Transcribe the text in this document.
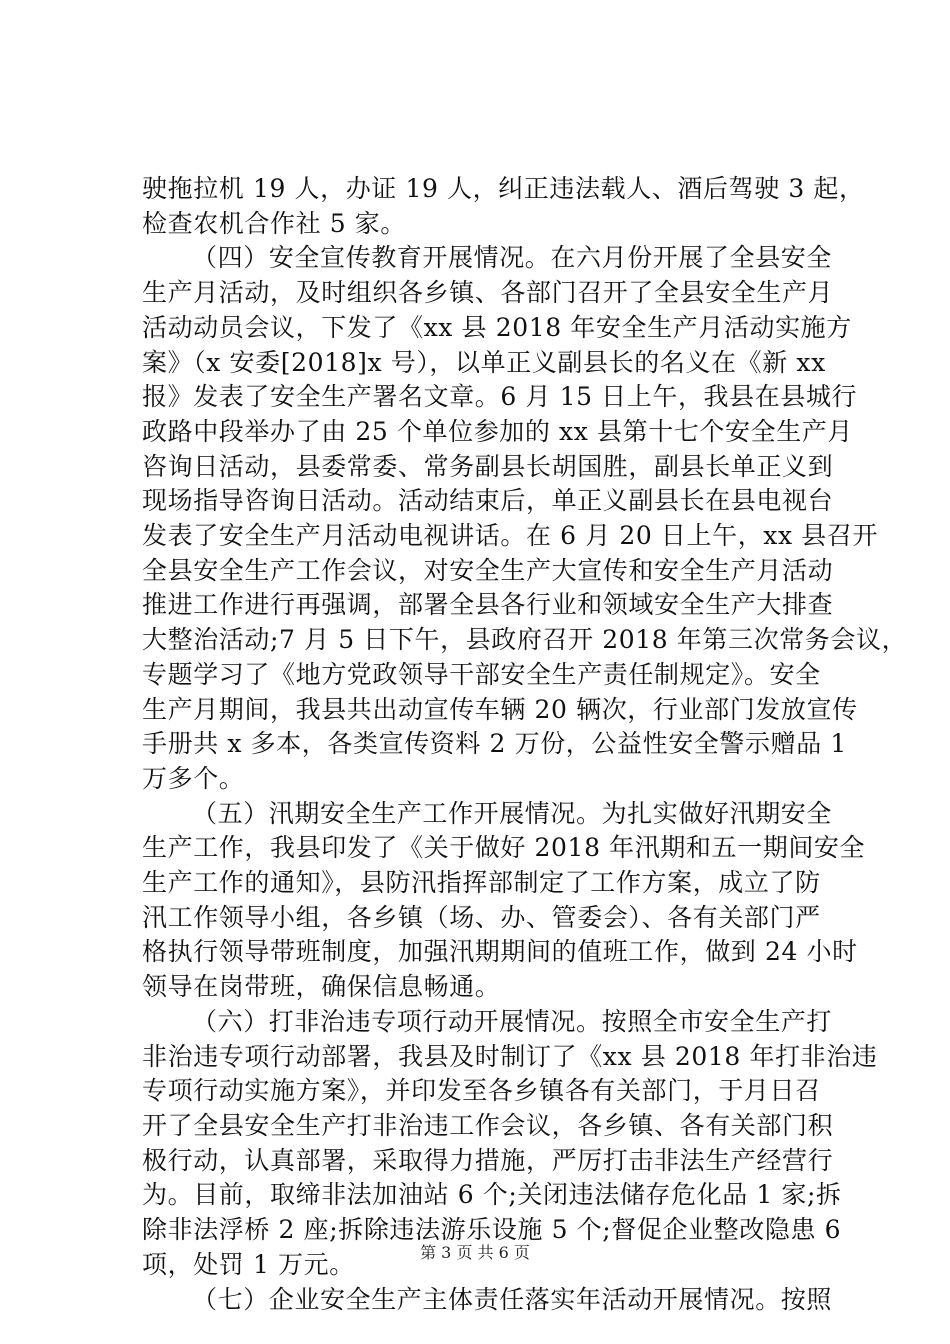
驶拖拉机 19 人，办证 19 人，纠正违法载人、酒后驾驶 3 起，
检查农机合作社 5 家。
（四）安全宣传教育开展情况。在六月份开展了全县安全
生产月活动，及时组织各乡镇、各部门召开了全县安全生产月
活动动员会议，下发了《xx 县 2018 年安全生产月活动实施方
案》（x 安委[2018]x 号），以单正义副县长的名义在《新 xx
报》发表了安全生产署名文章。6 月 15 日上午，我县在县城行
政路中段举办了由 25 个单位参加的 xx 县第十七个安全生产月
咨询日活动，县委常委、常务副县长胡国胜，副县长单正义到
现场指导咨询日活动。活动结束后，单正义副县长在县电视台
发表了安全生产月活动电视讲话。在 6 月 20 日上午，xx 县召开
全县安全生产工作会议，对安全生产大宣传和安全生产月活动
推进工作进行再强调，部署全县各行业和领域安全生产大排查
大整治活动;7 月 5 日下午，县政府召开 2018 年第三次常务会议，
专题学习了《地方党政领导干部安全生产责任制规定》。安全
生产月期间，我县共出动宣传车辆 20 辆次，行业部门发放宣传
手册共 x 多本，各类宣传资料 2 万份，公益性安全警示赠品 1
万多个。
（五）汛期安全生产工作开展情况。为扎实做好汛期安全
生产工作，我县印发了《关于做好 2018 年汛期和五一期间安全
生产工作的通知》，县防汛指挥部制定了工作方案，成立了防
汛工作领导小组，各乡镇（场、办、管委会）、各有关部门严
格执行领导带班制度，加强汛期期间的值班工作，做到 24 小时
领导在岗带班，确保信息畅通。
（六）打非治违专项行动开展情况。按照全市安全生产打
非治违专项行动部署，我县及时制订了《xx 县 2018 年打非治违
专项行动实施方案》，并印发至各乡镇各有关部门，于月日召
开了全县安全生产打非治违工作会议，各乡镇、各有关部门积
极行动，认真部署，采取得力措施，严厉打击非法生产经营行
为。目前，取缔非法加油站 6 个;关闭违法储存危化品 1 家;拆
除非法浮桥 2 座;拆除违法游乐设施 5 个;督促企业整改隐患 6
项，处罚 1 万元。
（七）企业安全生产主体责任落实年活动开展情况。按照
第 3 页 共 6 页
